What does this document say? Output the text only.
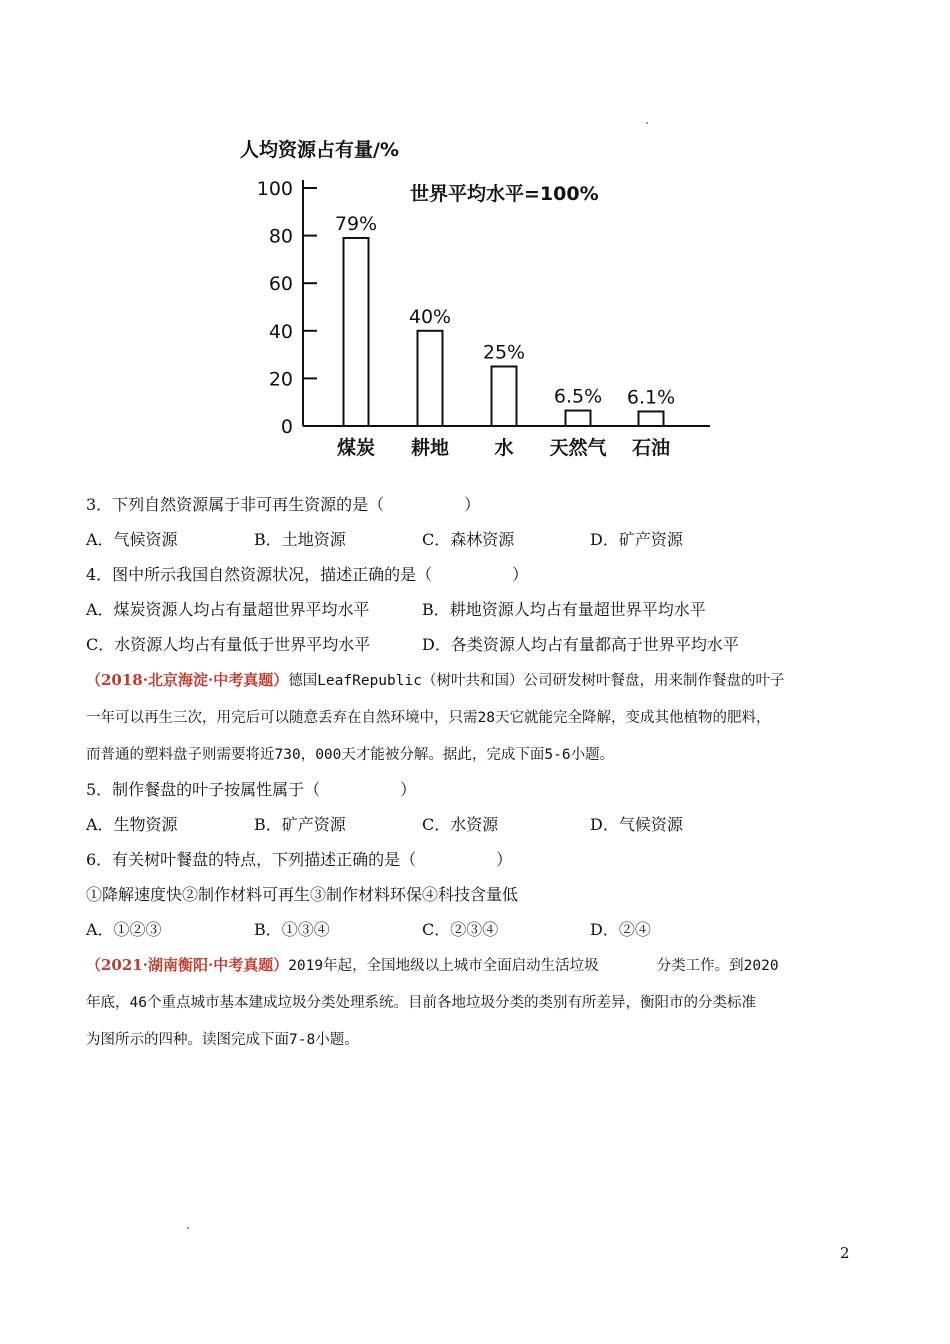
人均资源占有量/%
世界平均水平=100%
0
20
40
60
80
100
79%
煤炭
40%
耕地
25%
水
6.5%
天然气
6.1%
石油
3．下列自然资源属于非可再生资源的是（　　　　　）
A．气候资源	B．土地资源	C．森林资源	D．矿产资源
4．图中所示我国自然资源状况，描述正确的是（　　　　　）
A．煤炭资源人均占有量超世界平均水平	B．耕地资源人均占有量超世界平均水平
C．水资源人均占有量低于世界平均水平	D．各类资源人均占有量都高于世界平均水平
（2018·北京海淀·中考真题）德国LeafRepublic（树叶共和国）公司研发树叶餐盘，用来制作餐盘的叶子
一年可以再生三次，用完后可以随意丢弃在自然环境中，只需28天它就能完全降解，变成其他植物的肥料，
而普通的塑料盘子则需要将近730，000天才能被分解。据此，完成下面5-6小题。
5．制作餐盘的叶子按属性属于（　　　　　）
A．生物资源	B．矿产资源	C．水资源	D．气候资源
6．有关树叶餐盘的特点，下列描述正确的是（　　　　　）
①降解速度快②制作材料可再生③制作材料环保④科技含量低
A．①②③	B．①③④	C．②③④	D．②④
（2021·湖南衡阳·中考真题）2019年起，全国地级以上城市全面启动生活垃圾	分类工作。到2020
年底，46个重点城市基本建成垃圾分类处理系统。目前各地垃圾分类的类别有所差异，衡阳市的分类标准
为图所示的四种。读图完成下面7-8小题。
2
